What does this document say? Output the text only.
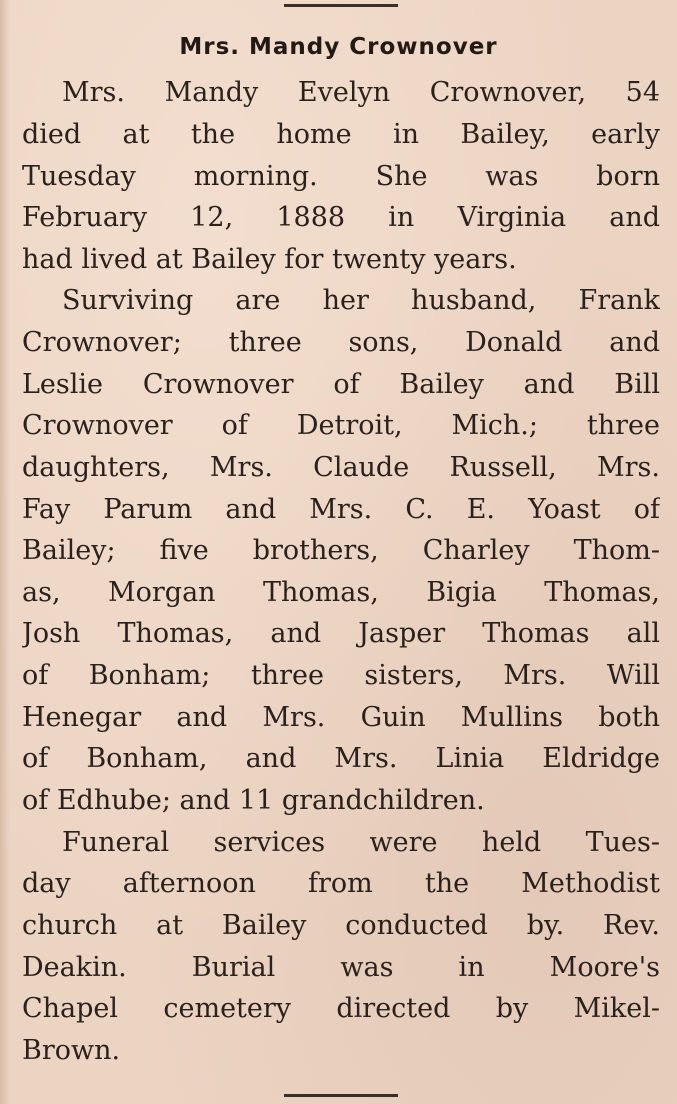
Mrs. Mandy Crownover
Mrs. Mandy Evelyn Crownover, 54
died at the home in Bailey, early
Tuesday morning. She was born
February 12, 1888 in Virginia and
had lived at Bailey for twenty years.
Surviving are her husband, Frank
Crownover; three sons, Donald and
Leslie Crownover of Bailey and Bill
Crownover of Detroit, Mich.; three
daughters, Mrs. Claude Russell, Mrs.
Fay Parum and Mrs. C. E. Yoast of
Bailey; five brothers, Charley Thom-
as, Morgan Thomas, Bigia Thomas,
Josh Thomas, and Jasper Thomas all
of Bonham; three sisters, Mrs. Will
Henegar and Mrs. Guin Mullins both
of Bonham, and Mrs. Linia Eldridge
of Edhube; and 11 grandchildren.
Funeral services were held Tues-
day afternoon from the Methodist
church at Bailey conducted by. Rev.
Deakin. Burial was in Moore's
Chapel cemetery directed by Mikel-
Brown.
